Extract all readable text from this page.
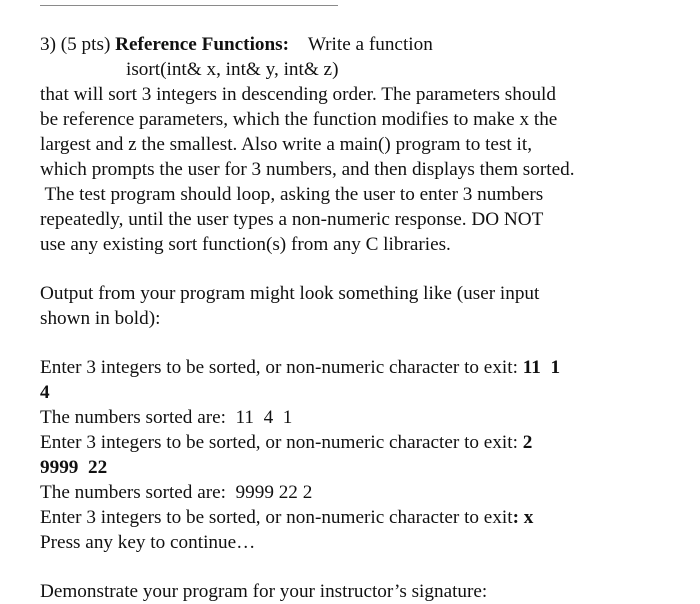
3) (5 pts) Reference Functions: Write a function
isort(int& x, int& y, int& z)
that will sort 3 integers in descending order. The parameters should
be reference parameters, which the function modifies to make x the
largest and z the smallest. Also write a main() program to test it,
which prompts the user for 3 numbers, and then displays them sorted.
The test program should loop, asking the user to enter 3 numbers
repeatedly, until the user types a non-numeric response. DO NOT
use any existing sort function(s) from any C libraries.
Output from your program might look something like (user input
shown in bold):
Enter 3 integers to be sorted, or non-numeric character to exit: 11  1
4
The numbers sorted are:  11  4  1
Enter 3 integers to be sorted, or non-numeric character to exit: 2
9999  22
The numbers sorted are:  9999 22 2
Enter 3 integers to be sorted, or non-numeric character to exit: x
Press any key to continue…
Demonstrate your program for your instructor’s signature:
